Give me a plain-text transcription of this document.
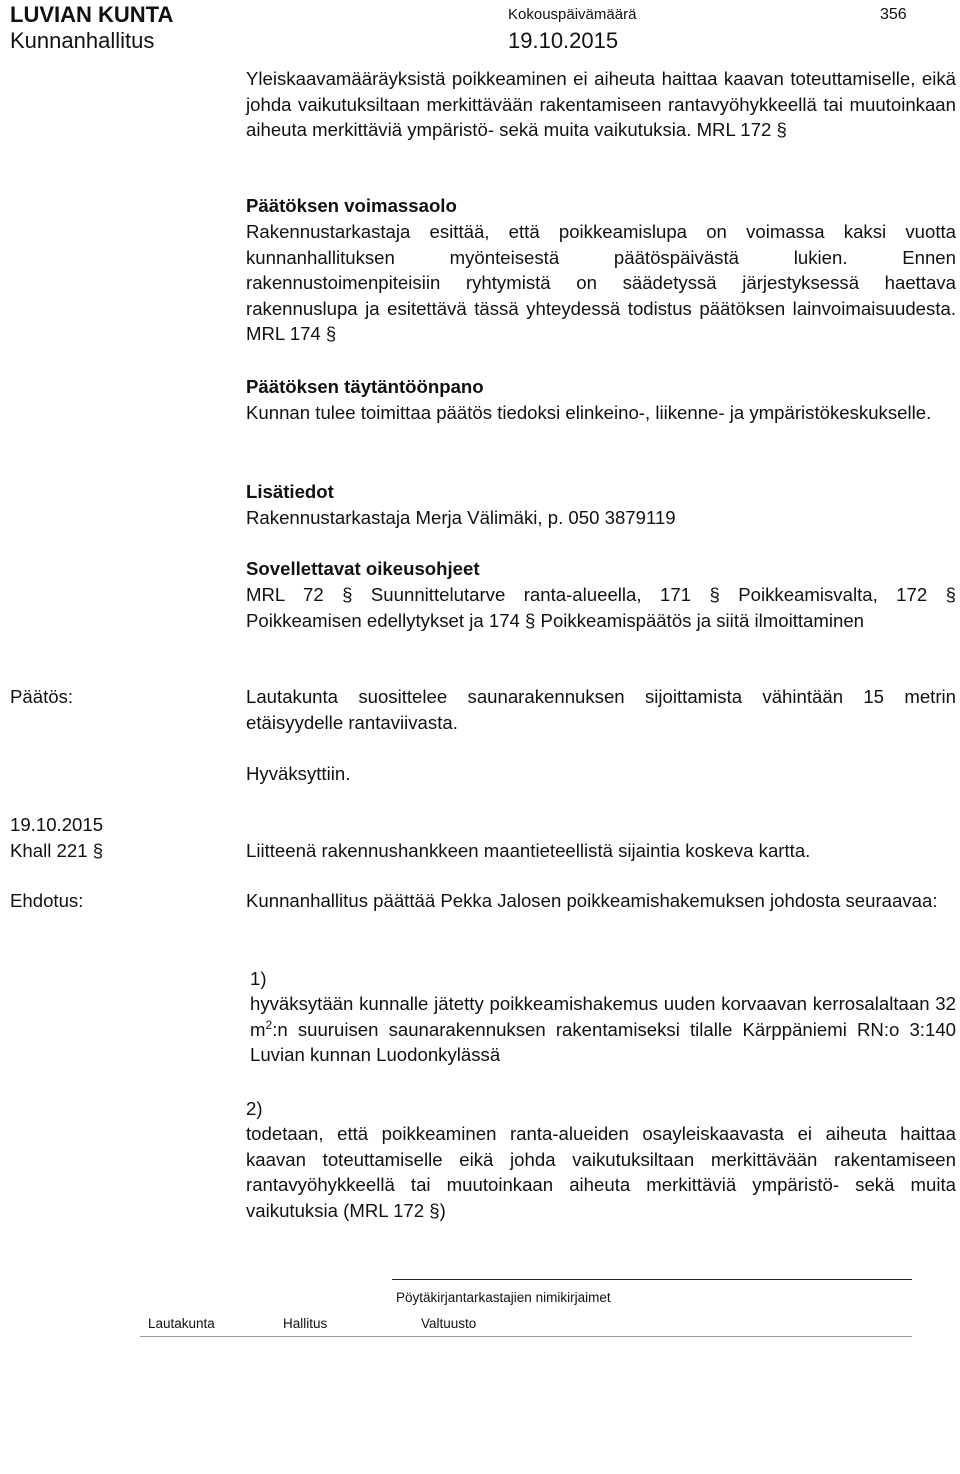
LUVIAN KUNTA
Kunnanhallitus
Kokouspäivämäärä
19.10.2015
356
Yleiskaavamääräyksistä poikkeaminen ei aiheuta haittaa kaavan toteuttamiselle, eikä johda vaikutuksiltaan merkittävään rakentamiseen rantavyöhykkeellä tai muutoinkaan aiheuta merkittäviä ympäristö- sekä muita vaikutuksia. MRL 172 §
Päätöksen voimassaolo
Rakennustarkastaja esittää, että poikkeamislupa on voimassa kaksi vuotta kunnanhallituksen myönteisestä päätöspäivästä lukien. Ennen rakennustoimenpiteisiin ryhtymistä on säädetyssä järjestyksessä haettava rakennuslupa ja esitettävä tässä yhteydessä todistus päätöksen lainvoimaisuudesta. MRL 174 §
Päätöksen täytäntöönpano
Kunnan tulee toimittaa päätös tiedoksi elinkeino-, liikenne- ja ympäristökeskukselle.
Lisätiedot
Rakennustarkastaja Merja Välimäki, p. 050 3879119
Sovellettavat oikeusohjeet
MRL 72 § Suunnittelutarve ranta-alueella, 171 § Poikkeamisvalta, 172 § Poikkeamisen edellytykset ja 174 § Poikkeamispäätös ja siitä ilmoittaminen
Päätös:	Lautakunta suosittelee saunarakennuksen sijoittamista vähintään 15 metrin etäisyydelle rantaviivasta.
Hyväksyttiin.
19.10.2015
Khall 221 §	Liitteenä rakennushankkeen maantieteellistä sijaintia koskeva kartta.
Ehdotus:	Kunnanhallitus päättää Pekka Jalosen poikkeamishakemuksen johdosta seuraavaa:
1)
hyväksytään kunnalle jätetty poikkeamishakemus uuden korvaavan kerrosalaltaan 32 $m^2:n$ suuruisen saunarakennuksen rakentamiseksi tilalle Kärppäniemi RN:o 3:140 Luvian kunnan Luodonkylässä
2)
todetaan, että poikkeaminen ranta-alueiden osayleiskaavasta ei aiheuta haittaa kaavan toteuttamiselle eikä johda vaikutuksiltaan merkittävään rakentamiseen rantavyöhykkeellä tai muutoinkaan aiheuta merkittäviä ympäristö- sekä muita vaikutuksia (MRL 172 §)
Pöytäkirjantarkastajien nimikirjaimet
Lautakunta	Hallitus	Valtuusto
